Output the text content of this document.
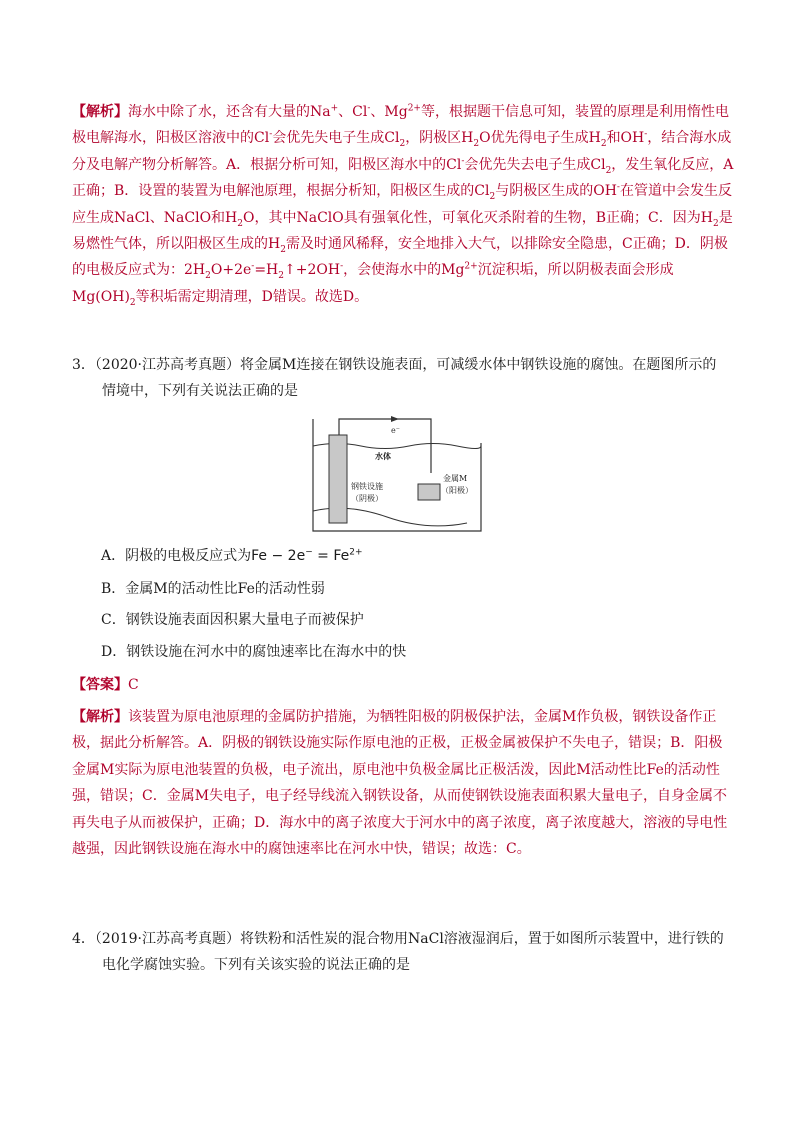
【解析】海水中除了水，还含有大量的Na+、Cl-、$Mg^{2+}$等，根据题干信息可知，装置的原理是利用惰性电极电解海水，阳极区溶液中的Cl-会优先失电子生成$Cl_2$，阴极区$H_2O$优先得电子生成$H_2$和OH-，结合海水成分及电解产物分析解答。A．根据分析可知，阳极区海水中的Cl-会优先失去电子生成$Cl_2$，发生氧化反应，A正确；B．设置的装置为电解池原理，根据分析知，阳极区生成的$Cl_2$与阴极区生成的OH-在管道中会发生反应生成NaCl、NaClO和$H_2O$，其中NaClO具有强氧化性，可氧化灭杀附着的生物，B正确；C．因为$H_2$是易燃性气体，所以阳极区生成的$H_2$需及时通风稀释，安全地排入大气，以排除安全隐患，C正确；D．阴极的电极反应式为：$2H_2O+2e^-=H_2↑+2OH^-$，会使海水中的$Mg^{2+}$沉淀积垢，所以阴极表面会形成$Mg(OH)_2$等积垢需定期清理，D错误。故选D。

3．（2020·江苏高考真题）将金属M连接在钢铁设施表面，可减缓水体中钢铁设施的腐蚀。在题图所示的
情境中，下列有关说法正确的是

e⁻
水体
钢铁设施
（阴极）
金属M
（阳极）

A．阴极的电极反应式为$Fe - 2e^- = Fe^{2+}$

B．金属M的活动性比Fe的活动性弱

C．钢铁设施表面因积累大量电子而被保护

D．钢铁设施在河水中的腐蚀速率比在海水中的快

【答案】C

【解析】该装置为原电池原理的金属防护措施，为牺牲阳极的阴极保护法，金属M作负极，钢铁设备作正极，据此分析解答。A．阴极的钢铁设施实际作原电池的正极，正极金属被保护不失电子，错误；B．阳极金属M实际为原电池装置的负极，电子流出，原电池中负极金属比正极活泼，因此M活动性比Fe的活动性强，错误；C．金属M失电子，电子经导线流入钢铁设备，从而使钢铁设施表面积累大量电子，自身金属不再失电子从而被保护，正确；D．海水中的离子浓度大于河水中的离子浓度，离子浓度越大，溶液的导电性越强，因此钢铁设施在海水中的腐蚀速率比在河水中快，错误；故选：C。

4．（2019·江苏高考真题）将铁粉和活性炭的混合物用NaCl溶液湿润后，置于如图所示装置中，进行铁的
电化学腐蚀实验。下列有关该实验的说法正确的是
